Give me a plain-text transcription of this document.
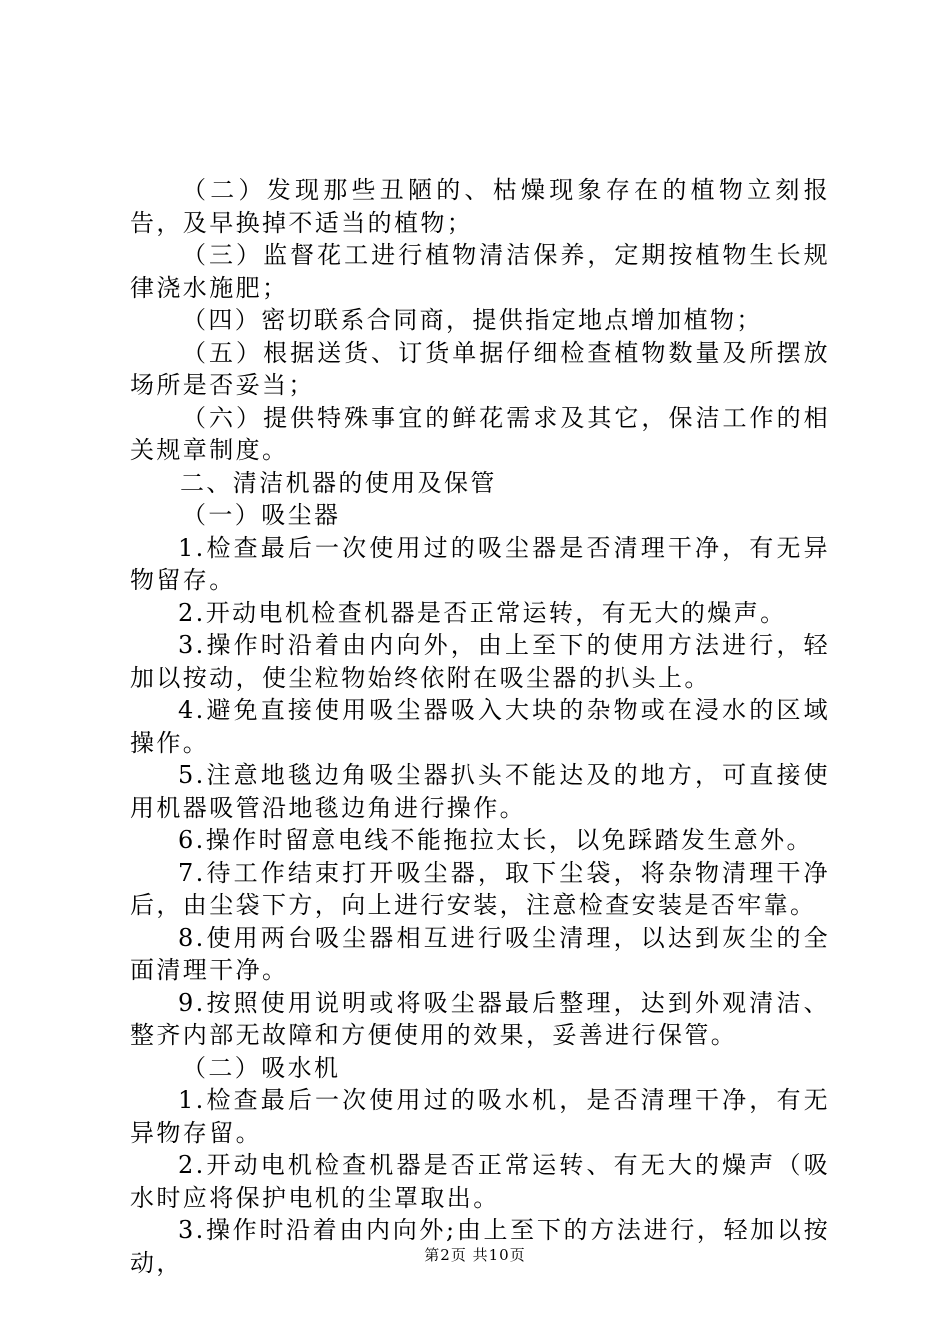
（二）发现那些丑陋的、枯燥现象存在的植物立刻报告，及早换掉不适当的植物；
（三）监督花工进行植物清洁保养，定期按植物生长规律浇水施肥；
（四）密切联系合同商，提供指定地点增加植物；
（五）根据送货、订货单据仔细检查植物数量及所摆放场所是否妥当；
（六）提供特殊事宜的鲜花需求及其它，保洁工作的相关规章制度。
二、清洁机器的使用及保管
（一）吸尘器
1.检查最后一次使用过的吸尘器是否清理干净，有无异物留存。
2.开动电机检查机器是否正常运转，有无大的燥声。
3.操作时沿着由内向外，由上至下的使用方法进行，轻加以按动，使尘粒物始终依附在吸尘器的扒头上。
4.避免直接使用吸尘器吸入大块的杂物或在浸水的区域操作。
5.注意地毯边角吸尘器扒头不能达及的地方，可直接使用机器吸管沿地毯边角进行操作。
6.操作时留意电线不能拖拉太长，以免踩踏发生意外。
7.待工作结束打开吸尘器，取下尘袋，将杂物清理干净后，由尘袋下方，向上进行安装，注意检查安装是否牢靠。
8.使用两台吸尘器相互进行吸尘清理，以达到灰尘的全面清理干净。
9.按照使用说明或将吸尘器最后整理，达到外观清洁、整齐内部无故障和方便使用的效果，妥善进行保管。
（二）吸水机
1.检查最后一次使用过的吸水机，是否清理干净，有无异物存留。
2.开动电机检查机器是否正常运转、有无大的燥声（吸水时应将保护电机的尘罩取出。
3.操作时沿着由内向外;由上至下的方法进行，轻加以按动，	第2页 共10页
